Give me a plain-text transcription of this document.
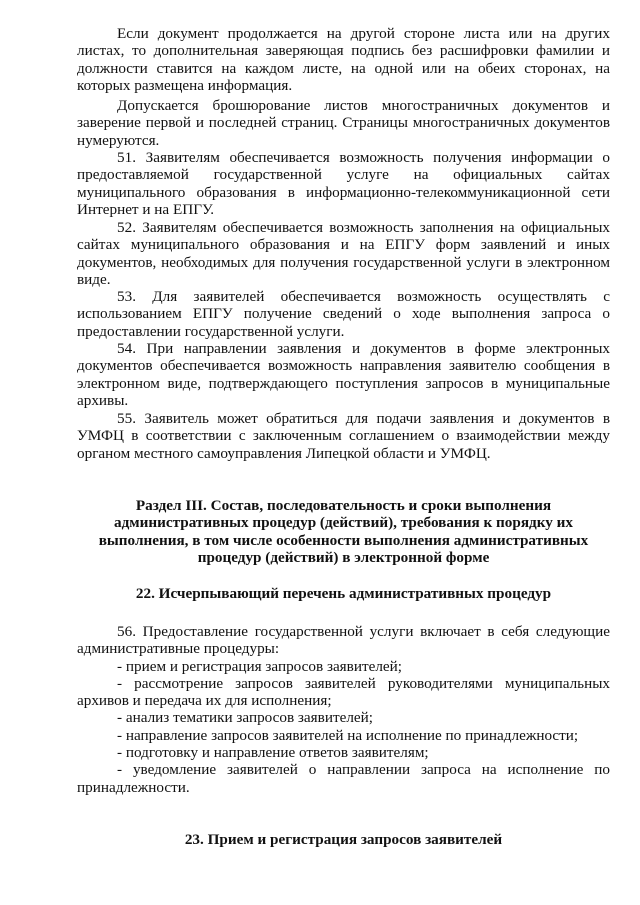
Если документ продолжается на другой стороне листа или на других листах, то дополнительная заверяющая подпись без расшифровки фамилии и должности ставится на каждом листе, на одной или на обеих сторонах, на которых размещена информация.

Допускается брошюрование листов многостраничных документов и заверение первой и последней страниц. Страницы многостраничных документов нумеруются.

51. Заявителям обеспечивается возможность получения информации о предоставляемой государственной услуге на официальных сайтах муниципального образования в информационно-телекоммуникационной сети Интернет и на ЕПГУ.

52. Заявителям обеспечивается возможность заполнения на официальных сайтах муниципального образования и на ЕПГУ форм заявлений и иных документов, необходимых для получения государственной услуги в электронном виде.

53. Для заявителей обеспечивается возможность осуществлять с использованием ЕПГУ получение сведений о ходе выполнения запроса о предоставлении государственной услуги.

54. При направлении заявления и документов в форме электронных документов обеспечивается возможность направления заявителю сообщения в электронном виде, подтверждающего поступления запросов в муниципальные архивы.

55. Заявитель может обратиться для подачи заявления и документов в УМФЦ в соответствии с заключенным соглашением о взаимодействии между органом местного самоуправления Липецкой области и УМФЦ.

Раздел III. Состав, последовательность и сроки выполнения административных процедур (действий), требования к порядку их выполнения, в том числе особенности выполнения административных процедур (действий) в электронной форме

22. Исчерпывающий перечень административных процедур

56. Предоставление государственной услуги включает в себя следующие административные процедуры:
- прием и регистрация запросов заявителей;
- рассмотрение запросов заявителей руководителями муниципальных архивов и передача их для исполнения;
- анализ тематики запросов заявителей;
- направление запросов заявителей на исполнение по принадлежности;
- подготовку и направление ответов заявителям;
- уведомление заявителей о направлении запроса на исполнение по принадлежности.

23. Прием и регистрация запросов заявителей
